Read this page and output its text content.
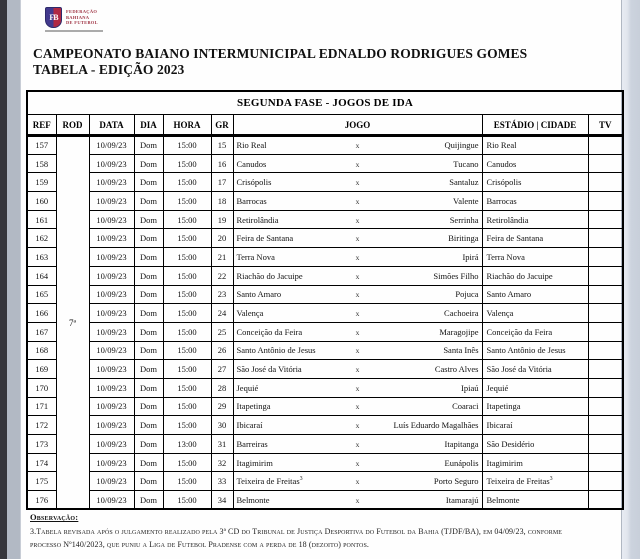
FB
FEDERAÇÃO
BAHIANA
DE FUTEBOL
CAMPEONATO BAIANO INTERMUNICIPAL EDNALDO RODRIGUES GOMES
TABELA - EDIÇÃO 2023
SEGUNDA FASE - JOGOS DE IDA								
REF	ROD	DATA	DIA	HORA	GR	JOGO	ESTÁDIO | CIDADE	TV
157	7ª	10/09/23	Dom	15:00	15	Rio Real x Quijingue	Rio Real	
158		10/09/23	Dom	15:00	16	Canudos x Tucano	Canudos	
159		10/09/23	Dom	15:00	17	Crisópolis x Santaluz	Crisópolis	
160		10/09/23	Dom	15:00	18	Barrocas x Valente	Barrocas	
161		10/09/23	Dom	15:00	19	Retirolândia x Serrinha	Retirolândia	
162		10/09/23	Dom	15:00	20	Feira de Santana x Biritinga	Feira de Santana	
163		10/09/23	Dom	15:00	21	Terra Nova x Ipirá	Terra Nova	
164		10/09/23	Dom	15:00	22	Riachão do Jacuipe x Simões Filho	Riachão do Jacuipe	
165		10/09/23	Dom	15:00	23	Santo Amaro x Pojuca	Santo Amaro	
166		10/09/23	Dom	15:00	24	Valença x Cachoeira	Valença	
167		10/09/23	Dom	15:00	25	Conceição da Feira x Maragojipe	Conceição da Feira	
168		10/09/23	Dom	15:00	26	Santo Antônio de Jesus x Santa Inês	Santo Antônio de Jesus	
169		10/09/23	Dom	15:00	27	São José da Vitória x Castro Alves	São José da Vitória	
170		10/09/23	Dom	15:00	28	Jequié x Ipiaú	Jequié	
171		10/09/23	Dom	15:00	29	Itapetinga x Coaraci	Itapetinga	
172		10/09/23	Dom	15:00	30	Ibicaraí x Luís Eduardo Magalhães	Ibicaraí	
173		10/09/23	Dom	13:00	31	Barreiras x Itapitanga	São Desidério	
174		10/09/23	Dom	15:00	32	Itagimirim x Eunápolis	Itagimirim	
175		10/09/23	Dom	15:00	33	Teixeira de Freitas$^3$ x Porto Seguro	Teixeira de Freitas$^3$	
176		10/09/23	Dom	15:00	34	Belmonte x Itamarajú	Belmonte	
Observação:
3.Tabela revisada após o julgamento realizado pela 3ª CD do Tribunal de Justiça Desportiva do Futebol da Bahia (TJDF/BA), em 04/09/23, conforme
processo Nº140/2023, que puniu a Liga de Futebol Pradense com a perda de 18 (dezoito) pontos.
